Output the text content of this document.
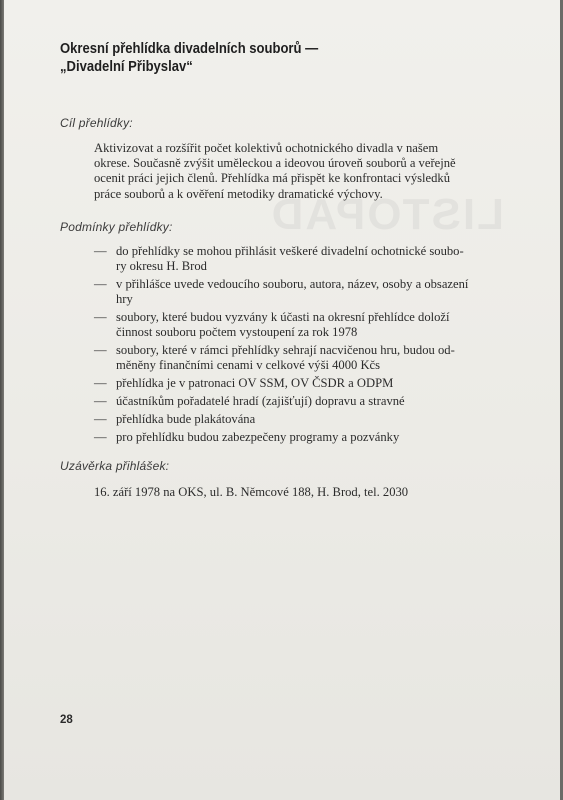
Okresní přehlídka divadelních souborů —
„Divadelní Přibyslav“
Cíl přehlídky:
Aktivizovat a rozšířit počet kolektivů ochotnického divadla v našem
okrese. Současně zvýšit uměleckou a ideovou úroveň souborů a veřejně
ocenit práci jejich členů. Přehlídka má přispět ke konfrontaci výsledků
práce souborů a k ověření metodiky dramatické výchovy.
Podmínky přehlídky:
— do přehlídky se mohou přihlásit veškeré divadelní ochotnické soubo-
ry okresu H. Brod
— v přihlášce uvede vedoucího souboru, autora, název, osoby a obsazení
hry
— soubory, které budou vyzvány k účasti na okresní přehlídce doloží
činnost souboru počtem vystoupení za rok 1978
— soubory, které v rámci přehlídky sehrají nacvičenou hru, budou od-
měněny finančními cenami v celkové výši 4000 Kčs
— přehlídka je v patronaci OV SSM, OV ČSDR a ODPM
— účastníkům pořadatelé hradí (zajišťují) dopravu a stravné
— přehlídka bude plakátována
— pro přehlídku budou zabezpečeny programy a pozvánky
Uzávěrka přihlášek:
16. září 1978 na OKS, ul. B. Němcové 188, H. Brod, tel. 2030
28
